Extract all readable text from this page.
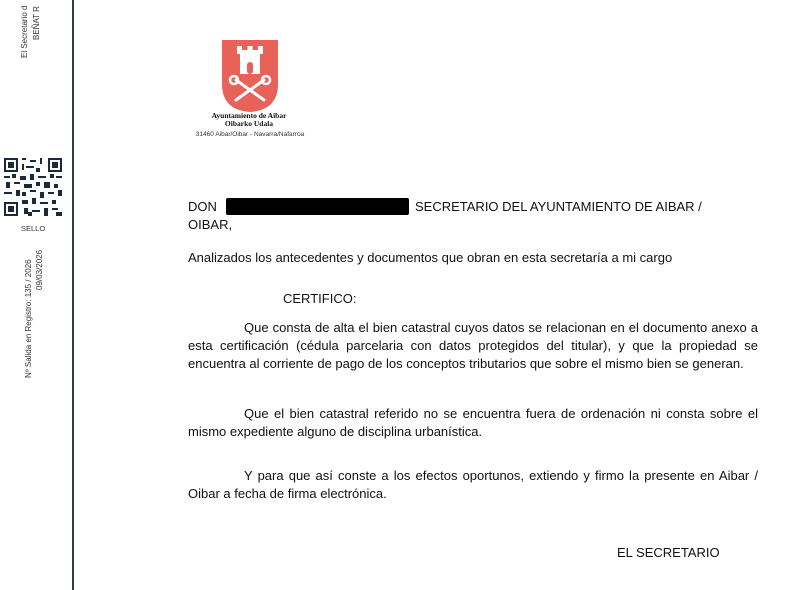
El Secretario d BEÑAT R
SELLO
Nº Salida en Registro: 135 / 2026 09/03/2026
Ayuntamiento de Aibar
Oibarko Udala
31460 Aibar/Oibar - Navarra/Nafarroa
DON	SECRETARIO DEL AYUNTAMIENTO DE AIBAR /
OIBAR,
Analizados los antecedentes y documentos que obran en esta secretaría a mi cargo
CERTIFICO:
Que consta de alta el bien catastral cuyos datos se relacionan en el documento anexo a esta certificación (cédula parcelaria con datos protegidos del titular), y que la propiedad se encuentra al corriente de pago de los conceptos tributarios que sobre el mismo bien se generan.
Que el bien catastral referido no se encuentra fuera de ordenación ni consta sobre el mismo expediente alguno de disciplina urbanística.
Y para que así conste a los efectos oportunos, extiendo y firmo la presente en Aibar / Oibar a fecha de firma electrónica.
EL SECRETARIO
